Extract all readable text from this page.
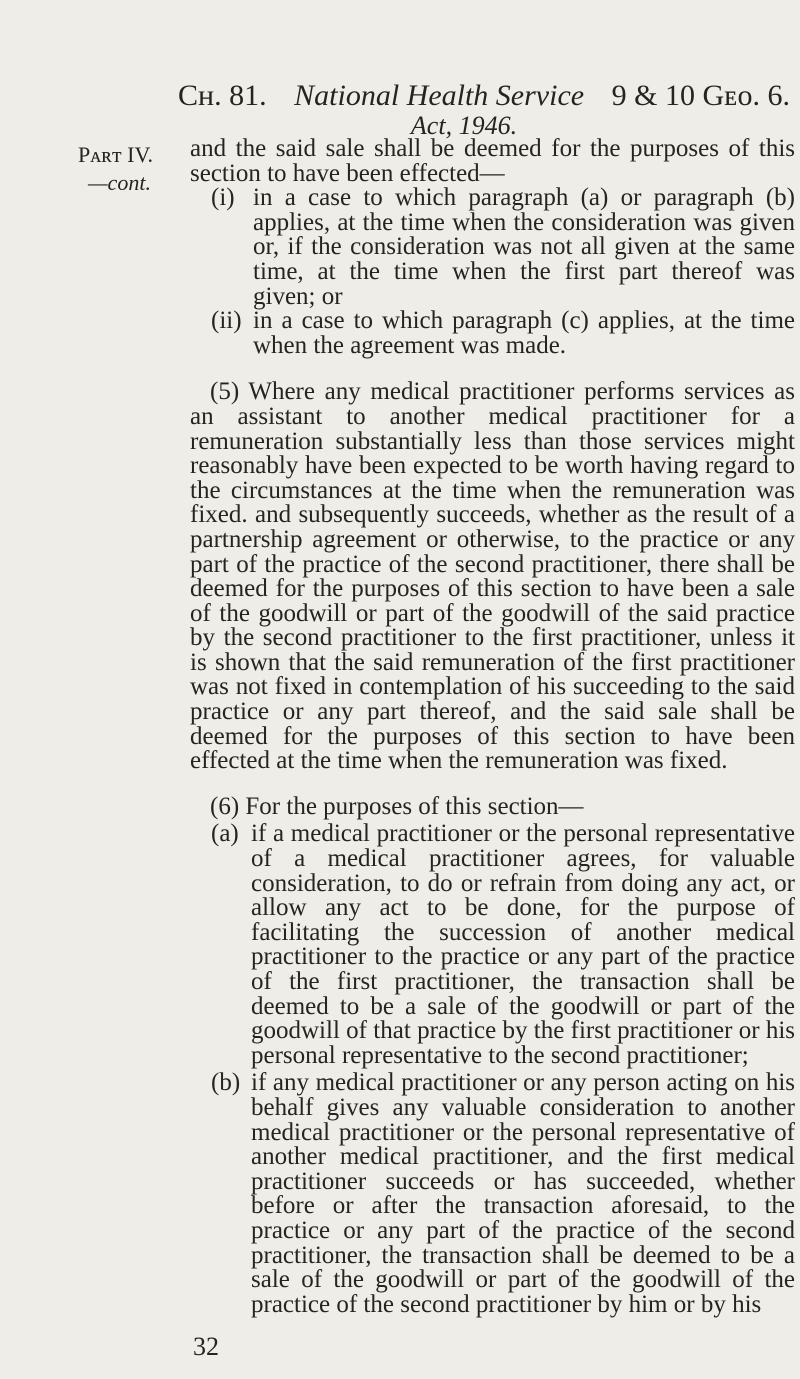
Cʜ. 81. National Health Service 9 & 10 Gᴇᴏ. 6.
Act, 1946.
Pᴀʀᴛ IV.
—cont.

and the said sale shall be deemed for the purposes of this section to have been effected—

(i) in a case to which paragraph (a) or paragraph (b) applies, at the time when the consideration was given or, if the consideration was not all given at the same time, at the time when the first part thereof was given; or
(ii) in a case to which paragraph (c) applies, at the time when the agreement was made.

(5) Where any medical practitioner performs services as an assistant to another medical practitioner for a remuneration substantially less than those services might reasonably have been expected to be worth having regard to the circumstances at the time when the remuneration was fixed. and subsequently succeeds, whether as the result of a partnership agreement or otherwise, to the practice or any part of the practice of the second practitioner, there shall be deemed for the purposes of this section to have been a sale of the goodwill or part of the goodwill of the said practice by the second practitioner to the first practitioner, unless it is shown that the said remuneration of the first practitioner was not fixed in contemplation of his succeeding to the said practice or any part thereof, and the said sale shall be deemed for the purposes of this section to have been effected at the time when the remuneration was fixed.

(6) For the purposes of this section—

(a) if a medical practitioner or the personal representative of a medical practitioner agrees, for valuable consideration, to do or refrain from doing any act, or allow any act to be done, for the purpose of facilitating the succession of another medical practitioner to the practice or any part of the practice of the first practitioner, the transaction shall be deemed to be a sale of the goodwill or part of the goodwill of that practice by the first practitioner or his personal representative to the second practitioner;
(b) if any medical practitioner or any person acting on his behalf gives any valuable consideration to another medical practitioner or the personal representative of another medical practitioner, and the first medical practitioner succeeds or has succeeded, whether before or after the transaction aforesaid, to the practice or any part of the practice of the second practitioner, the transaction shall be deemed to be a sale of the goodwill or part of the goodwill of the practice of the second practitioner by him or by his
32
